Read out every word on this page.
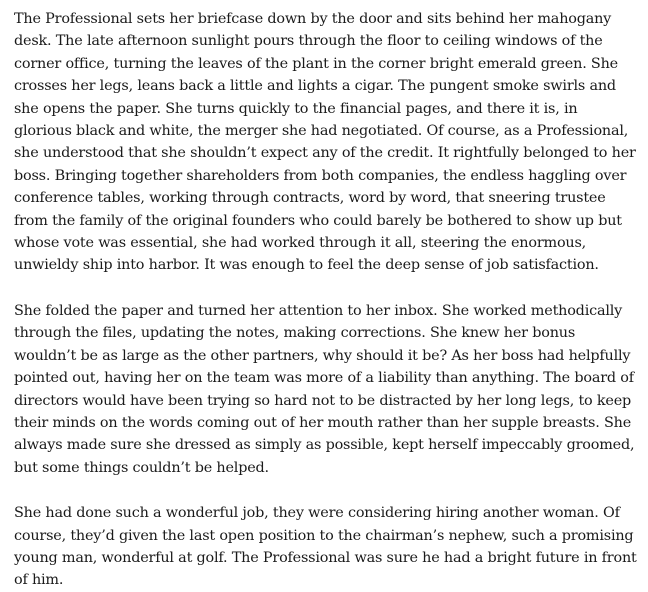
The Professional sets her briefcase down by the door and sits behind her mahogany desk. The late afternoon sunlight pours through the floor to ceiling windows of the corner office, turning the leaves of the plant in the corner bright emerald green. She crosses her legs, leans back a little and lights a cigar. The pungent smoke swirls and she opens the paper. She turns quickly to the financial pages, and there it is, in glorious black and white, the merger she had negotiated. Of course, as a Professional, she understood that she shouldn’t expect any of the credit. It rightfully belonged to her boss. Bringing together shareholders from both companies, the endless haggling over conference tables, working through contracts, word by word, that sneering trustee from the family of the original founders who could barely be bothered to show up but whose vote was essential, she had worked through it all, steering the enormous, unwieldy ship into harbor. It was enough to feel the deep sense of job satisfaction.

She folded the paper and turned her attention to her inbox. She worked methodically through the files, updating the notes, making corrections. She knew her bonus wouldn’t be as large as the other partners, why should it be? As her boss had helpfully pointed out, having her on the team was more of a liability than anything. The board of directors would have been trying so hard not to be distracted by her long legs, to keep their minds on the words coming out of her mouth rather than her supple breasts. She always made sure she dressed as simply as possible, kept herself impeccably groomed, but some things couldn’t be helped.

She had done such a wonderful job, they were considering hiring another woman. Of course, they’d given the last open position to the chairman’s nephew, such a promising young man, wonderful at golf. The Professional was sure he had a bright future in front of him.
